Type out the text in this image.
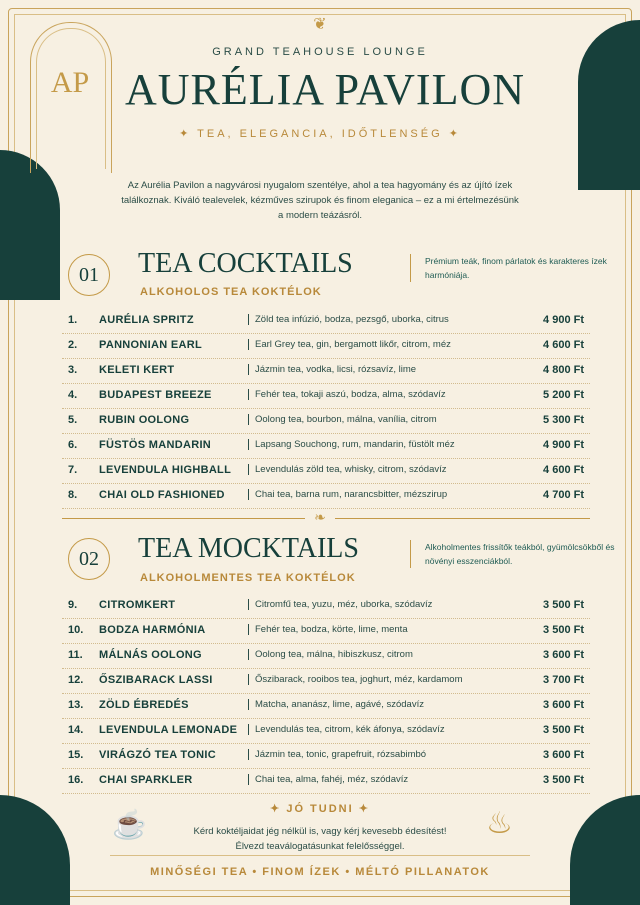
AP
❦
GRAND TEAHOUSE LOUNGE
AURÉLIA PAVILON
✦ TEA, ELEGANCIA, IDŐTLENSÉG ✦
Az Aurélia Pavilon a nagyvárosi nyugalom szentélye, ahol a tea hagyomány és az újító ízek találkoznak. Kiváló tealevelek, kézműves szirupok és finom eleganica – ez a mi értelmezésünk a modern teázásról.
01	TEA COCKTAILS
ALKOHOLOS TEA KOKTÉLOK
Prémium teák, finom párlatok és karakteres ízek harmóniája.
1. AURÉLIA SPRITZ	Zöld tea infúzió, bodza, pezsgő, uborka, citrus	4 900 Ft
2. PANNONIAN EARL	Earl Grey tea, gin, bergamott likőr, citrom, méz	4 600 Ft
3. KELETI KERT	Jázmin tea, vodka, licsi, rózsavíz, lime	4 800 Ft
4. BUDAPEST BREEZE	Fehér tea, tokaji aszú, bodza, alma, szódavíz	5 200 Ft
5. RUBIN OOLONG	Oolong tea, bourbon, málna, vanília, citrom	5 300 Ft
6. FÜSTÖS MANDARIN	Lapsang Souchong, rum, mandarin, füstölt méz	4 900 Ft
7. LEVENDULA HIGHBALL	Levendulás zöld tea, whisky, citrom, szódavíz	4 600 Ft
8. CHAI OLD FASHIONED	Chai tea, barna rum, narancsbitter, mézszirup	4 700 Ft
❧
02	TEA MOCKTAILS
ALKOHOLMENTES TEA KOKTÉLOK
Alkoholmentes frissítők teákból, gyümölcsökből és növényi esszenciákból.
9. CITROMKERT	Citromfű tea, yuzu, méz, uborka, szódavíz	3 500 Ft
10. BODZA HARMÓNIA	Fehér tea, bodza, körte, lime, menta	3 500 Ft
11. MÁLNÁS OOLONG	Oolong tea, málna, hibiszkusz, citrom	3 600 Ft
12. ŐSZIBARACK LASSI	Őszibarack, rooibos tea, joghurt, méz, kardamom	3 700 Ft
13. ZÖLD ÉBREDÉS	Matcha, ananász, lime, agávé, szódavíz	3 600 Ft
14. LEVENDULA LEMONADE	Levendulás tea, citrom, kék áfonya, szódavíz	3 500 Ft
15. VIRÁGZÓ TEA TONIC	Jázmin tea, tonic, grapefruit, rózsabimbó	3 600 Ft
16. CHAI SPARKLER	Chai tea, alma, fahéj, méz, szódavíz	3 500 Ft
☕	♨
✦ JÓ TUDNI ✦
Kérd koktéljaidat jég nélkül is, vagy kérj kevesebb édesítést!
Élvezd teaválogatásunkat felelősséggel.
MINŐSÉGI TEA • FINOM ÍZEK • MÉLTÓ PILLANATOK
